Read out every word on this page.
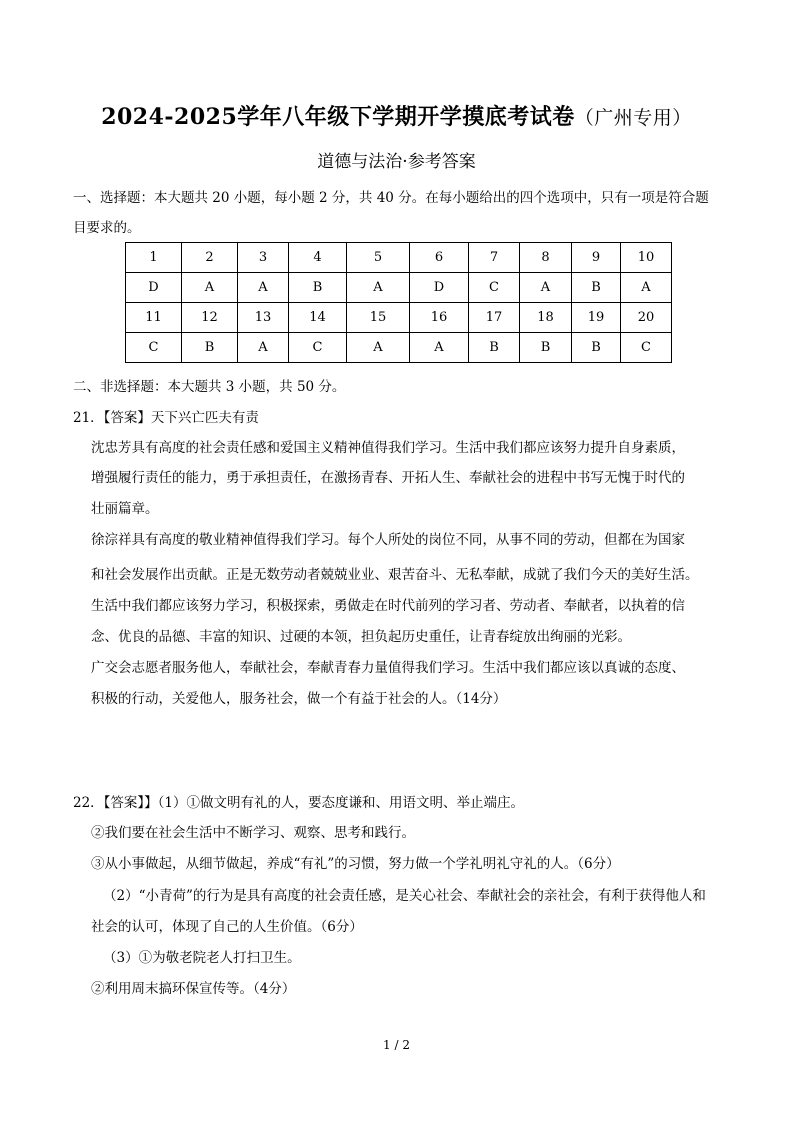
2024-2025学年八年级下学期开学摸底考试卷（广州专用）
道德与法治·参考答案
一、选择题：本大题共 20 小题，每小题 2 分，共 40 分。在每小题给出的四个选项中，只有一项是符合题
目要求的。
1	2	3	4	5	6	7	8	9	10
D	A	A	B	A	D	C	A	B	A
11	12	13	14	15	16	17	18	19	20
C	B	A	C	A	A	B	B	B	C
二、非选择题：本大题共 3 小题，共 50 分。
21．【答案】天下兴亡匹夫有责
沈忠芳具有高度的社会责任感和爱国主义精神值得我们学习。生活中我们都应该努力提升自身素质，
增强履行责任的能力，勇于承担责任，在激扬青春、开拓人生、奉献社会的进程中书写无愧于时代的
壮丽篇章。
徐淙祥具有高度的敬业精神值得我们学习。每个人所处的岗位不同，从事不同的劳动，但都在为国家
和社会发展作出贡献。正是无数劳动者兢兢业业、艰苦奋斗、无私奉献，成就了我们今天的美好生活。
生活中我们都应该努力学习，积极探索，勇做走在时代前列的学习者、劳动者、奉献者，以执着的信
念、优良的品德、丰富的知识、过硬的本领，担负起历史重任，让青春绽放出绚丽的光彩。
广交会志愿者服务他人，奉献社会，奉献青春力量值得我们学习。生活中我们都应该以真诚的态度、
积极的行动，关爱他人，服务社会，做一个有益于社会的人。（14分）
22．【答案】】（1）①做文明有礼的人，要态度谦和、用语文明、举止端庄。
②我们要在社会生活中不断学习、观察、思考和践行。
③从小事做起，从细节做起，养成“有礼”的习惯，努力做一个学礼明礼守礼的人。（6分）
（2）“小青荷”的行为是具有高度的社会责任感，是关心社会、奉献社会的亲社会，有利于获得他人和
社会的认可，体现了自己的人生价值。（6分）
（3）①为敬老院老人打扫卫生。
②利用周末搞环保宣传等。（4分）
1 / 2
